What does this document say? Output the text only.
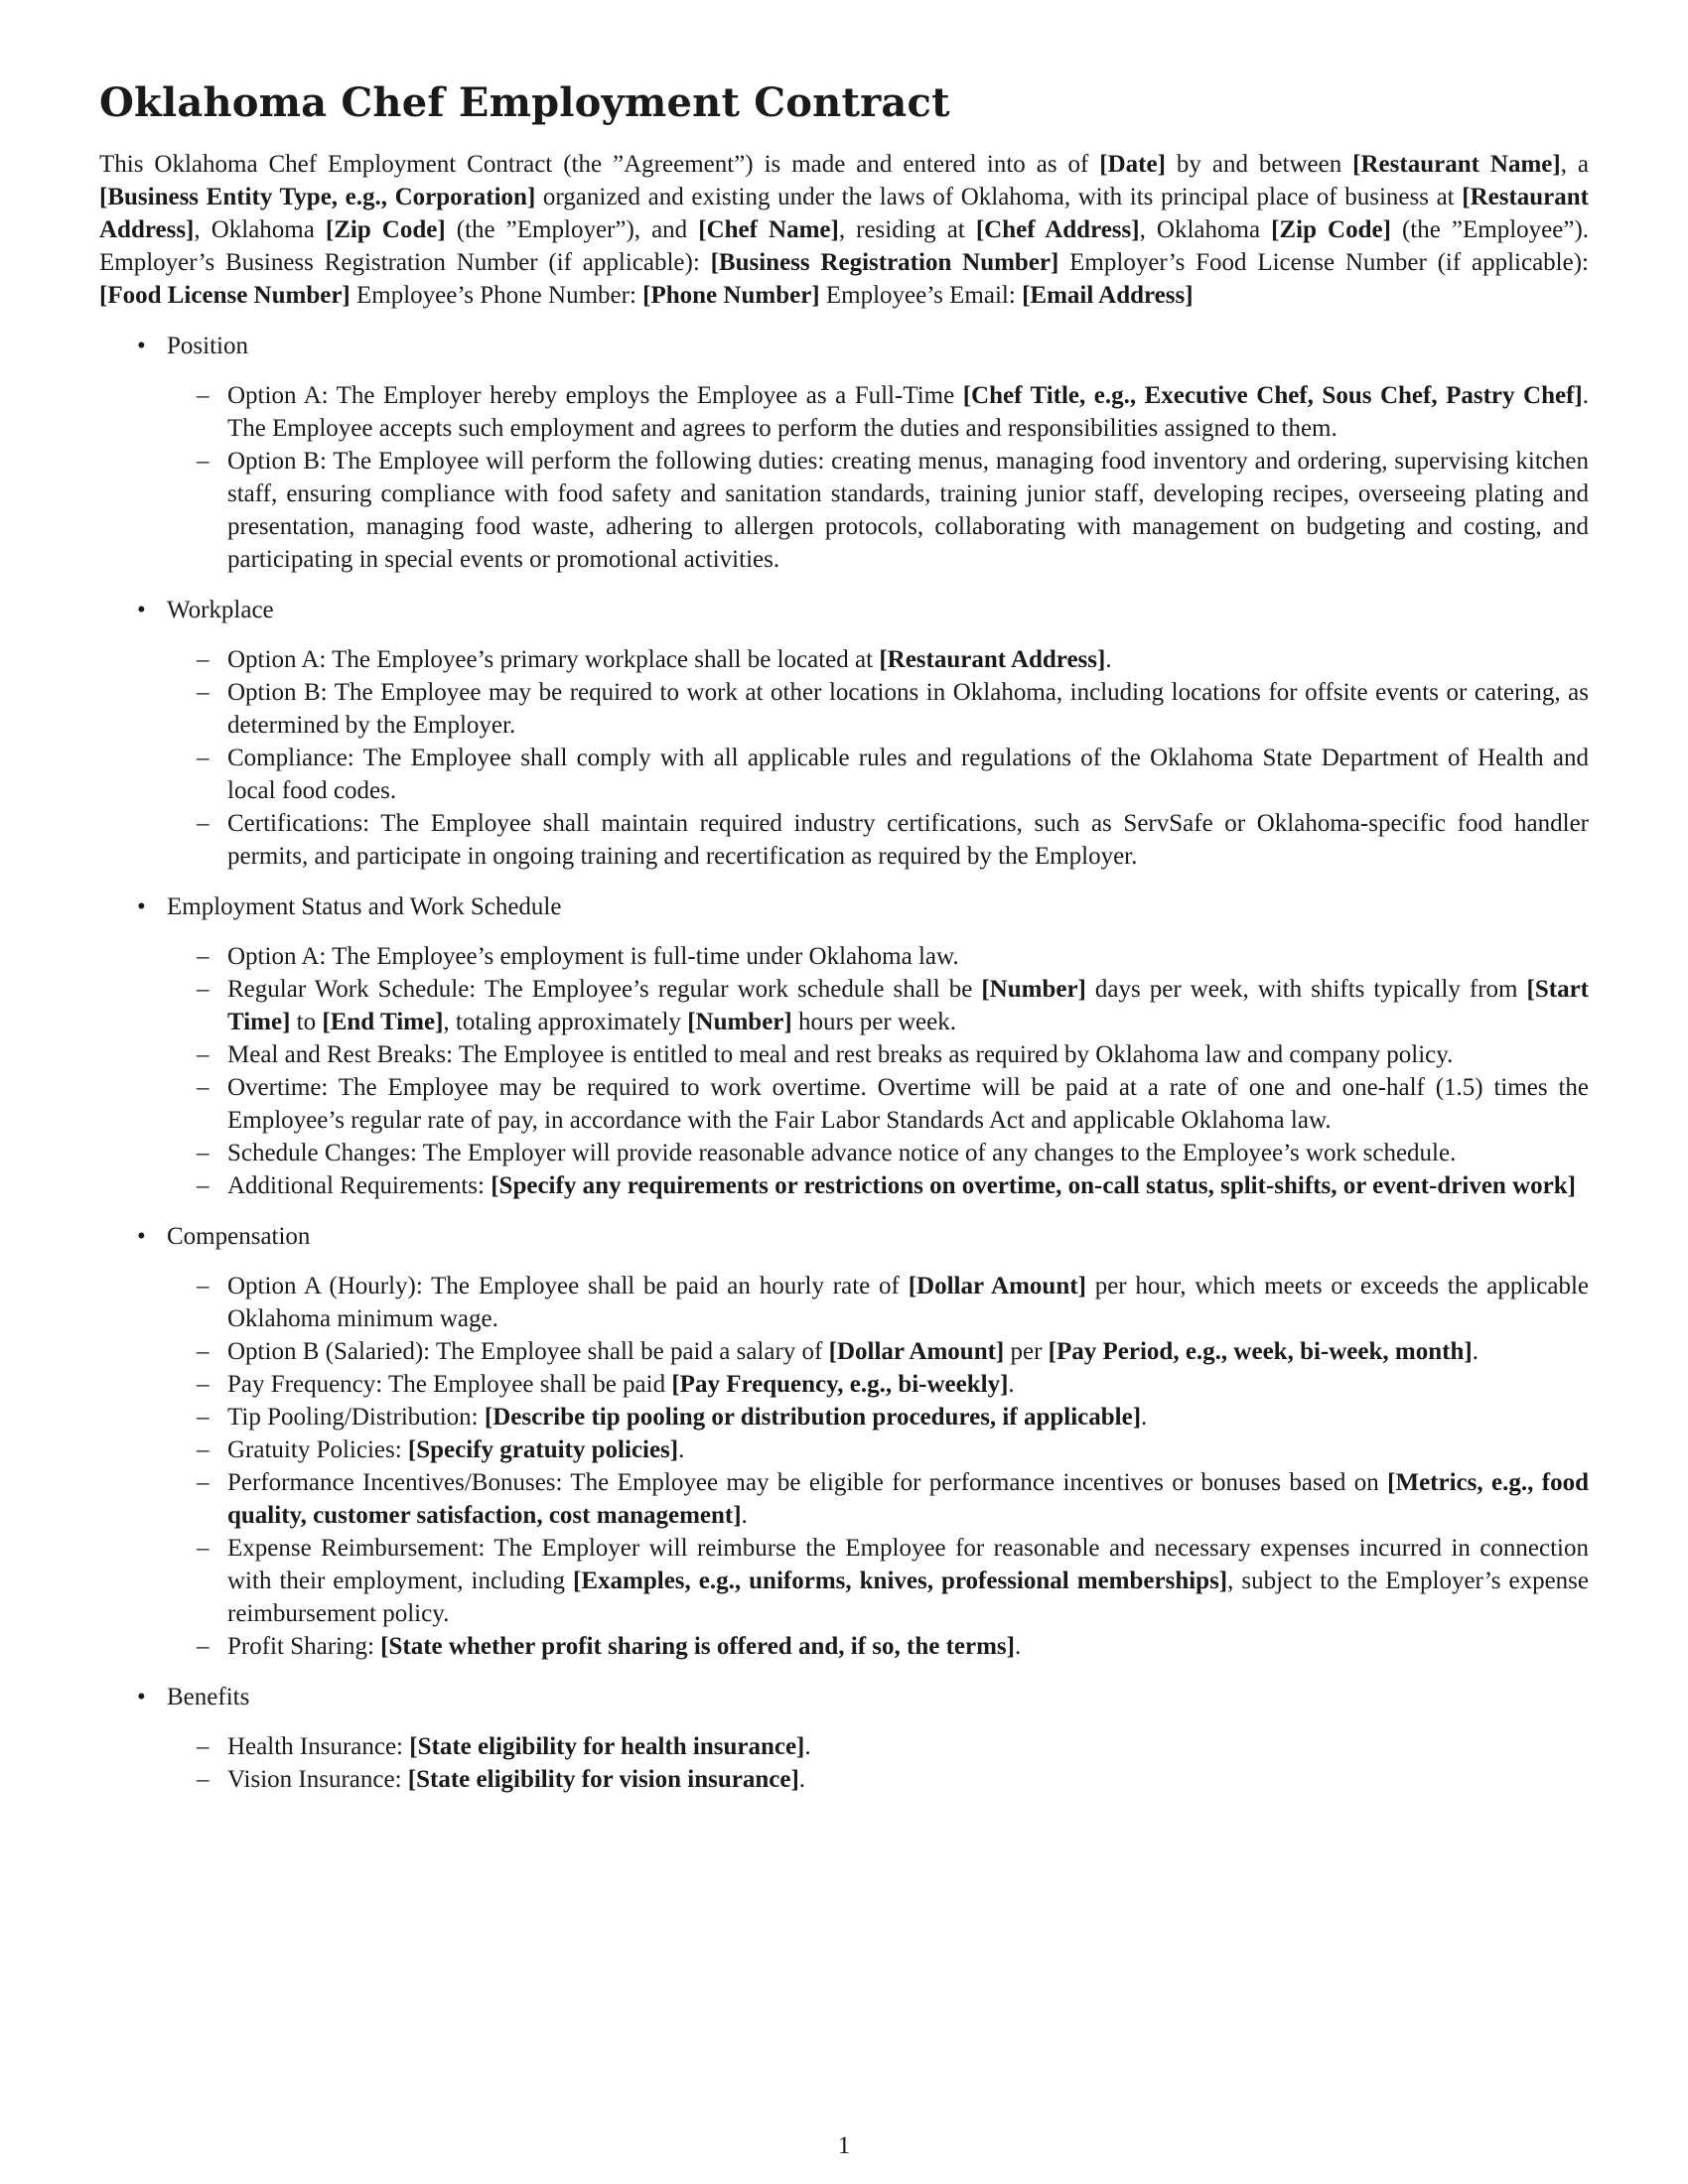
Oklahoma Chef Employment Contract

This Oklahoma Chef Employment Contract (the ”Agreement”) is made and entered into as of [Date] by and between [Restaurant Name], a [Business Entity Type, e.g., Corporation] organized and existing under the laws of Oklahoma, with its principal place of business at [Restaurant Address], Oklahoma [Zip Code] (the ”Employer”), and [Chef Name], residing at [Chef Address], Oklahoma [Zip Code] (the ”Employee”). Employer’s Business Registration Number (if applicable): [Business Registration Number] Employer’s Food License Number (if applicable): [Food License Number] Employee’s Phone Number: [Phone Number] Employee’s Email: [Email Address]

• Position
– Option A: The Employer hereby employs the Employee as a Full-Time [Chef Title, e.g., Executive Chef, Sous Chef, Pastry Chef]. The Employee accepts such employment and agrees to perform the duties and responsibilities assigned to them.
– Option B: The Employee will perform the following duties: creating menus, managing food inventory and ordering, supervising kitchen staff, ensuring compliance with food safety and sanitation standards, training junior staff, developing recipes, overseeing plating and presentation, managing food waste, adhering to allergen protocols, collaborating with management on budgeting and costing, and participating in special events or promotional activities.
• Workplace
– Option A: The Employee’s primary workplace shall be located at [Restaurant Address].
– Option B: The Employee may be required to work at other locations in Oklahoma, including locations for offsite events or catering, as determined by the Employer.
– Compliance: The Employee shall comply with all applicable rules and regulations of the Oklahoma State Department of Health and local food codes.
– Certifications: The Employee shall maintain required industry certifications, such as ServSafe or Oklahoma-specific food handler permits, and participate in ongoing training and recertification as required by the Employer.
• Employment Status and Work Schedule
– Option A: The Employee’s employment is full-time under Oklahoma law.
– Regular Work Schedule: The Employee’s regular work schedule shall be [Number] days per week, with shifts typically from [Start Time] to [End Time], totaling approximately [Number] hours per week.
– Meal and Rest Breaks: The Employee is entitled to meal and rest breaks as required by Oklahoma law and company policy.
– Overtime: The Employee may be required to work overtime. Overtime will be paid at a rate of one and one-half (1.5) times the Employee’s regular rate of pay, in accordance with the Fair Labor Standards Act and applicable Oklahoma law.
– Schedule Changes: The Employer will provide reasonable advance notice of any changes to the Employee’s work schedule.
– Additional Requirements: [Specify any requirements or restrictions on overtime, on-call status, split-shifts, or event-driven work]
• Compensation
– Option A (Hourly): The Employee shall be paid an hourly rate of [Dollar Amount] per hour, which meets or exceeds the applicable Oklahoma minimum wage.
– Option B (Salaried): The Employee shall be paid a salary of [Dollar Amount] per [Pay Period, e.g., week, bi-week, month].
– Pay Frequency: The Employee shall be paid [Pay Frequency, e.g., bi-weekly].
– Tip Pooling/Distribution: [Describe tip pooling or distribution procedures, if applicable].
– Gratuity Policies: [Specify gratuity policies].
– Performance Incentives/Bonuses: The Employee may be eligible for performance incentives or bonuses based on [Metrics, e.g., food quality, customer satisfaction, cost management].
– Expense Reimbursement: The Employer will reimburse the Employee for reasonable and necessary expenses incurred in connection with their employment, including [Examples, e.g., uniforms, knives, professional memberships], subject to the Employer’s expense reimbursement policy.
– Profit Sharing: [State whether profit sharing is offered and, if so, the terms].
• Benefits
– Health Insurance: [State eligibility for health insurance].
– Vision Insurance: [State eligibility for vision insurance].
1
